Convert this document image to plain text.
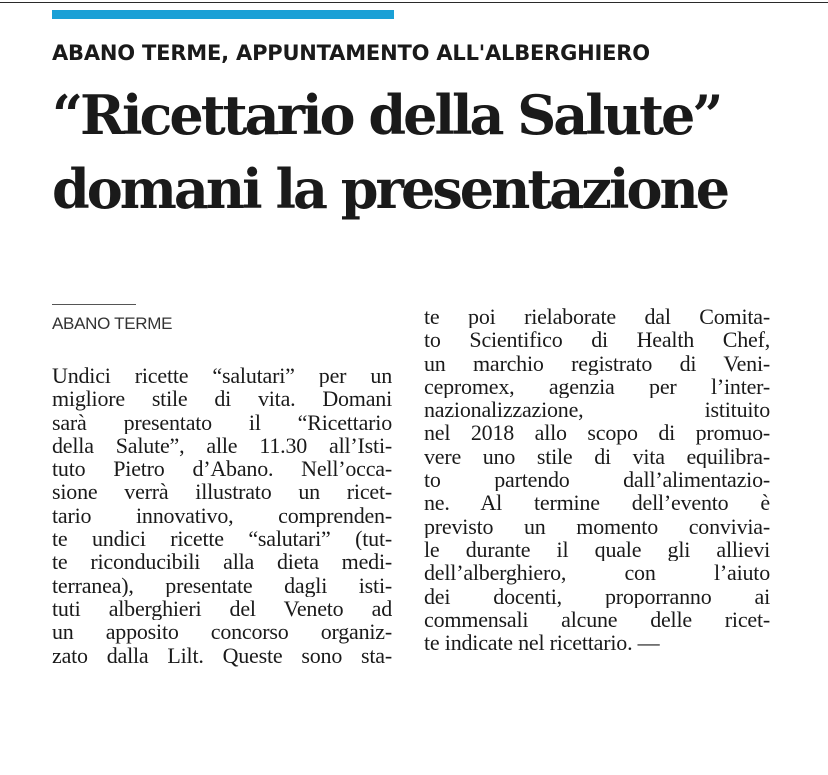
ABANO TERME, APPUNTAMENTO ALL'ALBERGHIERO
“Ricettario della Salute”
domani la presentazione
ABANO TERME
Undici ricette “salutari” per un
migliore stile di vita. Domani
sarà presentato il “Ricettario
della Salute”, alle 11.30 all’Isti-
tuto Pietro d’Abano. Nell’occa-
sione verrà illustrato un ricet-
tario innovativo, comprenden-
te undici ricette “salutari” (tut-
te riconducibili alla dieta medi-
terranea), presentate dagli isti-
tuti alberghieri del Veneto ad
un apposito concorso organiz-
zato dalla Lilt. Queste sono sta-
te poi rielaborate dal Comita-
to Scientifico di Health Chef,
un marchio registrato di Veni-
cepromex, agenzia per l’inter-
nazionalizzazione, istituito
nel 2018 allo scopo di promuo-
vere uno stile di vita equilibra-
to partendo dall’alimentazio-
ne. Al termine dell’evento è
previsto un momento convivia-
le durante il quale gli allievi
dell’alberghiero, con l’aiuto
dei docenti, proporranno ai
commensali alcune delle ricet-
te indicate nel ricettario. —
